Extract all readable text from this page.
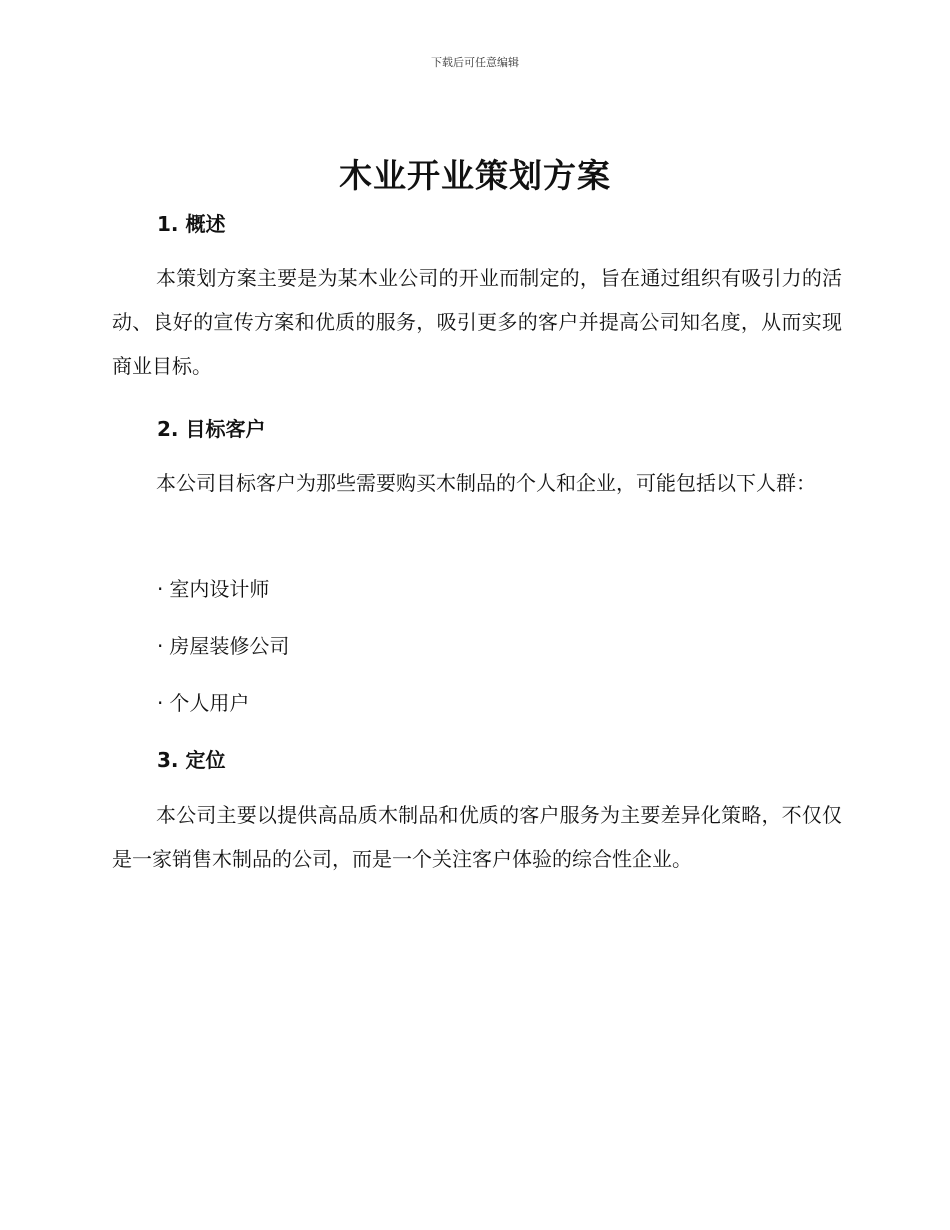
下载后可任意编辑
木业开业策划方案
1. 概述

本策划方案主要是为某木业公司的开业而制定的，旨在通过组织有吸引力的活动、良好的宣传方案和优质的服务，吸引更多的客户并提高公司知名度，从而实现商业目标。

2. 目标客户

本公司目标客户为那些需要购买木制品的个人和企业，可能包括以下人群：

· 室内设计师
· 房屋装修公司
· 个人用户
3. 定位

本公司主要以提供高品质木制品和优质的客户服务为主要差异化策略，不仅仅是一家销售木制品的公司，而是一个关注客户体验的综合性企业。
